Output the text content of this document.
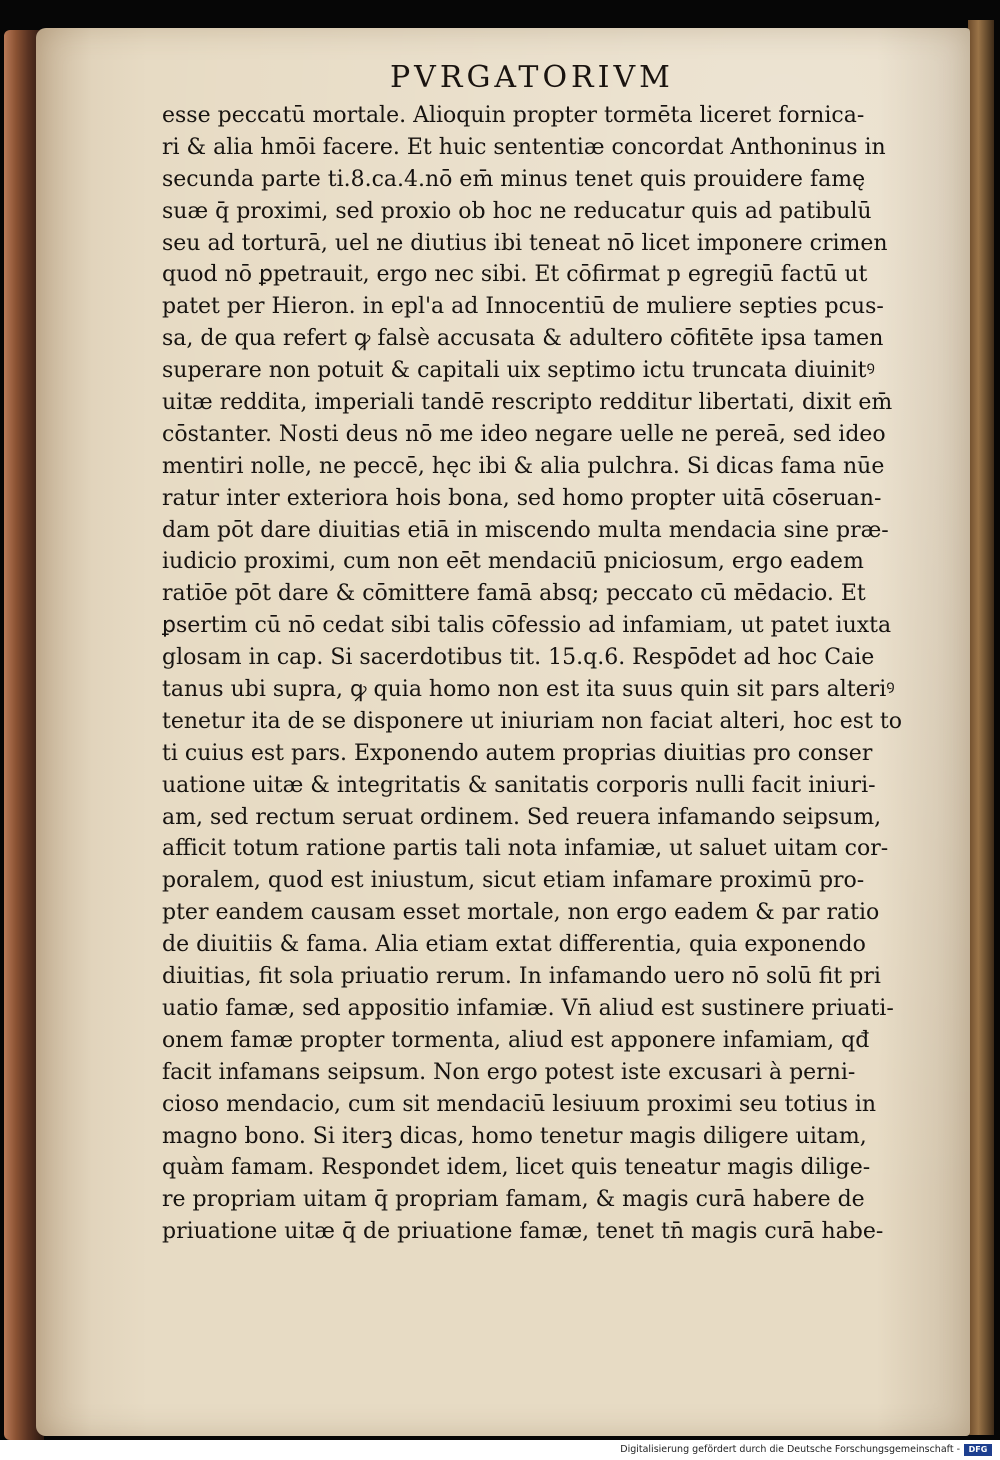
PVRGATORIVM
esse peccatū mortale. Alioquin propter tormēta liceret fornica-
ri & alia hmōi facere. Et huic sententiæ concordat Anthoninus in
secunda parte ti.8.ca.4.nō em̄ minus tenet quis prouidere famę
suæ q̄ proximi, sed proxio ob hoc ne reducatur quis ad patibulū
seu ad torturā, uel ne diutius ibi teneat nō licet imponere crimen
quod nō ꝑpetrauit, ergo nec sibi. Et cōfirmat p egregiū factū ut
patet per Hieron. in epl'a ad Innocentiū de muliere septies pcus-
sa, de qua refert ꝙ falsè accusata & adultero cōfitēte ipsa tamen
superare non potuit & capitali uix septimo ictu truncata diuinitꝰ
uitæ reddita, imperiali tandē rescripto redditur libertati, dixit em̄
cōstanter. Nosti deus nō me ideo negare uelle ne pereā, sed ideo
mentiri nolle, ne peccē, hęc ibi & alia pulchra. Si dicas fama nūe
ratur inter exteriora hois bona, sed homo propter uitā cōseruan-
dam pōt dare diuitias etiā in miscendo multa mendacia sine præ-
iudicio proximi, cum non eēt mendaciū pniciosum, ergo eadem
ratiōe pōt dare & cōmittere famā absq; peccato cū mēdacio. Et
ꝑsertim cū nō cedat sibi talis cōfessio ad infamiam, ut patet iuxta
glosam in cap. Si sacerdotibus tit. 15.q.6. Respōdet ad hoc Caie
tanus ubi supra, ꝙ quia homo non est ita suus quin sit pars alteriꝰ
tenetur ita de se disponere ut iniuriam non faciat alteri, hoc est to
ti cuius est pars. Exponendo autem proprias diuitias pro conser
uatione uitæ & integritatis & sanitatis corporis nulli facit iniuri-
am, sed rectum seruat ordinem. Sed reuera infamando seipsum,
afficit totum ratione partis tali nota infamiæ, ut saluet uitam cor-
poralem, quod est iniustum, sicut etiam infamare proximū pro-
pter eandem causam esset mortale, non ergo eadem & par ratio
de diuitiis & fama. Alia etiam extat differentia, quia exponendo
diuitias, fit sola priuatio rerum. In infamando uero nō solū fit pri
uatio famæ, sed appositio infamiæ. Vn̄ aliud est sustinere priuati-
onem famæ propter tormenta, aliud est apponere infamiam, qđ
facit infamans seipsum. Non ergo potest iste excusari à perni-
cioso mendacio, cum sit mendaciū lesiuum proximi seu totius in
magno bono. Si iterꝫ dicas, homo tenetur magis diligere uitam,
quàm famam. Respondet idem, licet quis teneatur magis dilige-
re propriam uitam q̄ propriam famam, & magis curā habere de
priuatione uitæ q̄ de priuatione famæ, tenet tn̄ magis curā habe-
Digitalisierung gefördert durch die Deutsche Forschungsgemeinschaft -	DFG
